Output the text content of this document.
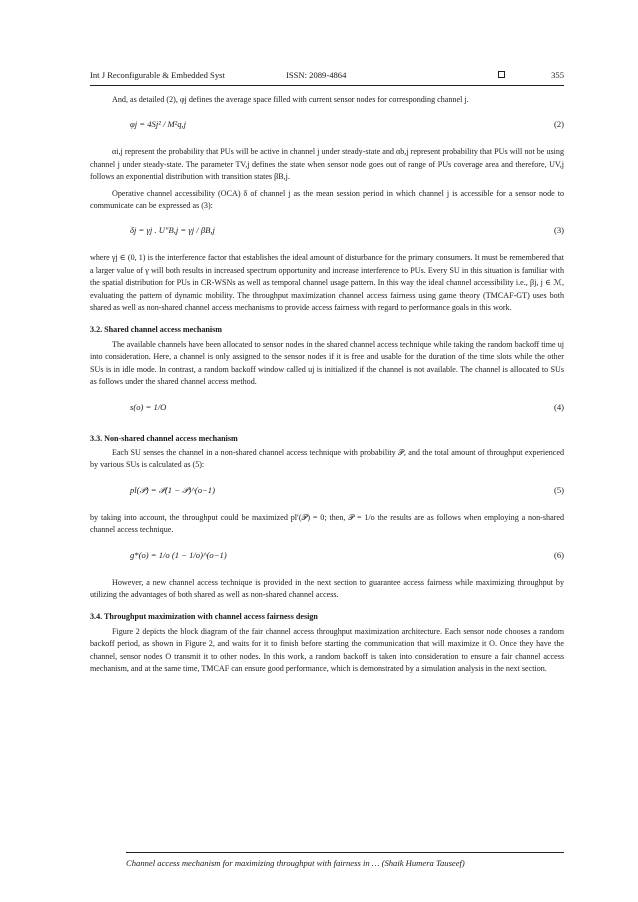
Int J Reconfigurable & Embedded Syst	ISSN: 2089-4864	355

And, as detailed (2), φj defines the average space filled with current sensor nodes for corresponding channel j.

φj = 4Sj² / M²q,j	(2)

αi,j represent the probability that PUs will be active in channel j under steady-state and αb,j represent probability that PUs will not be using channel j under steady-state. The parameter TV,j defines the state when sensor node goes out of range of PUs coverage area and therefore, UV,j follows an exponential distribution with transition states βB,j.

Operative channel accessibility (OCA) δ of channel j as the mean session period in which channel j is accessible for a sensor node to communicate can be expressed as (3):

δj = γj . U″B,j = γj / βB,j	(3)

where γj ∈ (0, 1) is the interference factor that establishes the ideal amount of disturbance for the primary consumers. It must be remembered that a larger value of γ will both results in increased spectrum opportunity and increase interference to PUs. Every SU in this situation is familiar with the spatial distribution for PUs in CR-WSNs as well as temporal channel usage pattern. In this way the ideal channel accessibility i.e., βj, j ∈ ℳ, evaluating the pattern of dynamic mobility. The throughput maximization channel access fairness using game theory (TMCAF-GT) uses both shared as well as non-shared channel access mechanisms to provide access fairness with regard to performance goals in this work.

3.2. Shared channel access mechanism

The available channels have been allocated to sensor nodes in the shared channel access technique while taking the random backoff time uj into consideration. Here, a channel is only assigned to the sensor nodes if it is free and usable for the duration of the time slots while the other SUs is in idle mode. In contrast, a random backoff window called uj is initialized if the channel is not available. The channel is allocated to SUs as follows under the shared channel access method.

s(o) = 1/O	(4)
3.3. Non-shared channel access mechanism

Each SU senses the channel in a non-shared channel access technique with probability 𝒫, and the total amount of throughput experienced by various SUs is calculated as (5):

pl(𝒫) = 𝒫(1 − 𝒫)^(o−1)	(5)

by taking into account, the throughput could be maximized pl′(𝒫) = 0; then, 𝒫 = 1/o the results are as follows when employing a non-shared channel access technique.

g*(o) = 1/o (1 − 1/o)^(o−1)	(6)

However, a new channel access technique is provided in the next section to guarantee access fairness while maximizing throughput by utilizing the advantages of both shared as well as non-shared channel access.

3.4. Throughput maximization with channel access fairness design

Figure 2 depicts the block diagram of the fair channel access throughput maximization architecture. Each sensor node chooses a random backoff period, as shown in Figure 2, and waits for it to finish before starting the communication that will maximize it O. Once they have the channel, sensor nodes O transmit it to other nodes. In this work, a random backoff is taken into consideration to ensure a fair channel access mechanism, and at the same time, TMCAF can ensure good performance, which is demonstrated by a simulation analysis in the next section.

Channel access mechanism for maximizing throughput with fairness in … (Shaik Humera Tauseef)
